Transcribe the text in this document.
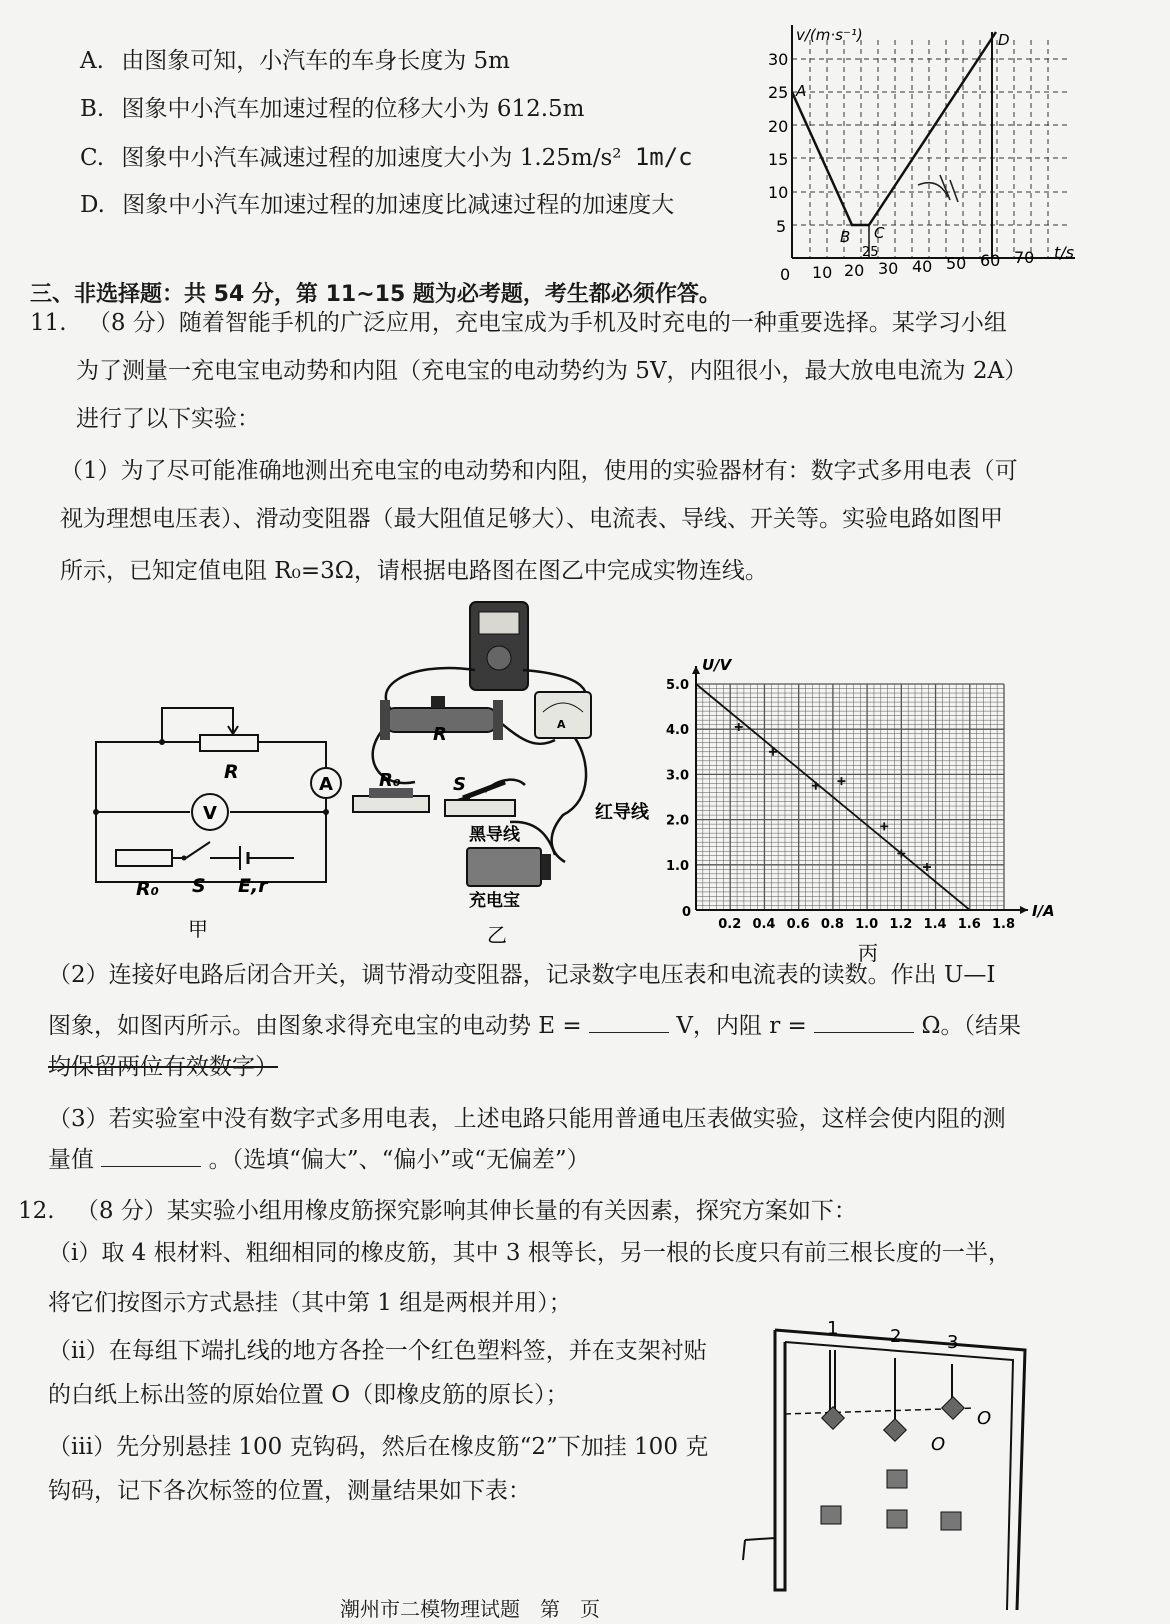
A. 由图象可知，小汽车的车身长度为 5m
B. 图象中小汽车加速过程的位移大小为 612.5m
C. 图象中小汽车减速过程的加速度大小为 1.25m/s² 1m/c
D. 图象中小汽车加速过程的加速度比减速过程的加速度大
5
10
15
20
25
30
v/(m·s⁻¹)
0 10 20 30 40 50 60 70 t/s
A
B C
D
25
三、非选择题：共 54 分，第 11~15 题为必考题，考生都必须作答。
11. （8 分）随着智能手机的广泛应用，充电宝成为手机及时充电的一种重要选择。某学习小组
为了测量一充电宝电动势和内阻（充电宝的电动势约为 5V，内阻很小，最大放电电流为 2A）
进行了以下实验：
（1）为了尽可能准确地测出充电宝的电动势和内阻，使用的实验器材有：数字式多用电表（可
视为理想电压表）、滑动变阻器（最大阻值足够大）、电流表、导线、开关等。实验电路如图甲
所示，已知定值电阻 R₀=3Ω，请根据电路图在图乙中完成实物连线。
R
A
V
R₀ S E,r
甲
A
R
R₀	S
红导线
黑导线
充电宝
乙	0.2 0.4 0.6 0.8 1.0 1.2 1.4 1.6 1.8
1.0
2.0
3.0
4.0
5.0
0	I/A
U/V
丙
（2）连接好电路后闭合开关，调节滑动变阻器，记录数字电压表和电流表的读数。作出 U—I
图象，如图丙所示。由图象求得充电宝的电动势 E =	V，内阻 r =	Ω。（结果
均保留两位有效数字）
（3）若实验室中没有数字式多用电表，上述电路只能用普通电压表做实验，这样会使内阻的测
量值	。（选填“偏大”、“偏小”或“无偏差”）
12. （8 分）某实验小组用橡皮筋探究影响其伸长量的有关因素，探究方案如下：
（i）取 4 根材料、粗细相同的橡皮筋，其中 3 根等长，另一根的长度只有前三根长度的一半，
将它们按图示方式悬挂（其中第 1 组是两根并用）；
（ii）在每组下端扎线的地方各拴一个红色塑料签，并在支架衬贴
的白纸上标出签的原始位置 O（即橡皮筋的原长）；
（iii）先分别悬挂 100 克钩码，然后在橡皮筋“2”下加挂 100 克
钩码，记下各次标签的位置，测量结果如下表：
1	2	3
O
O
潮州市二模物理试题　第　页
